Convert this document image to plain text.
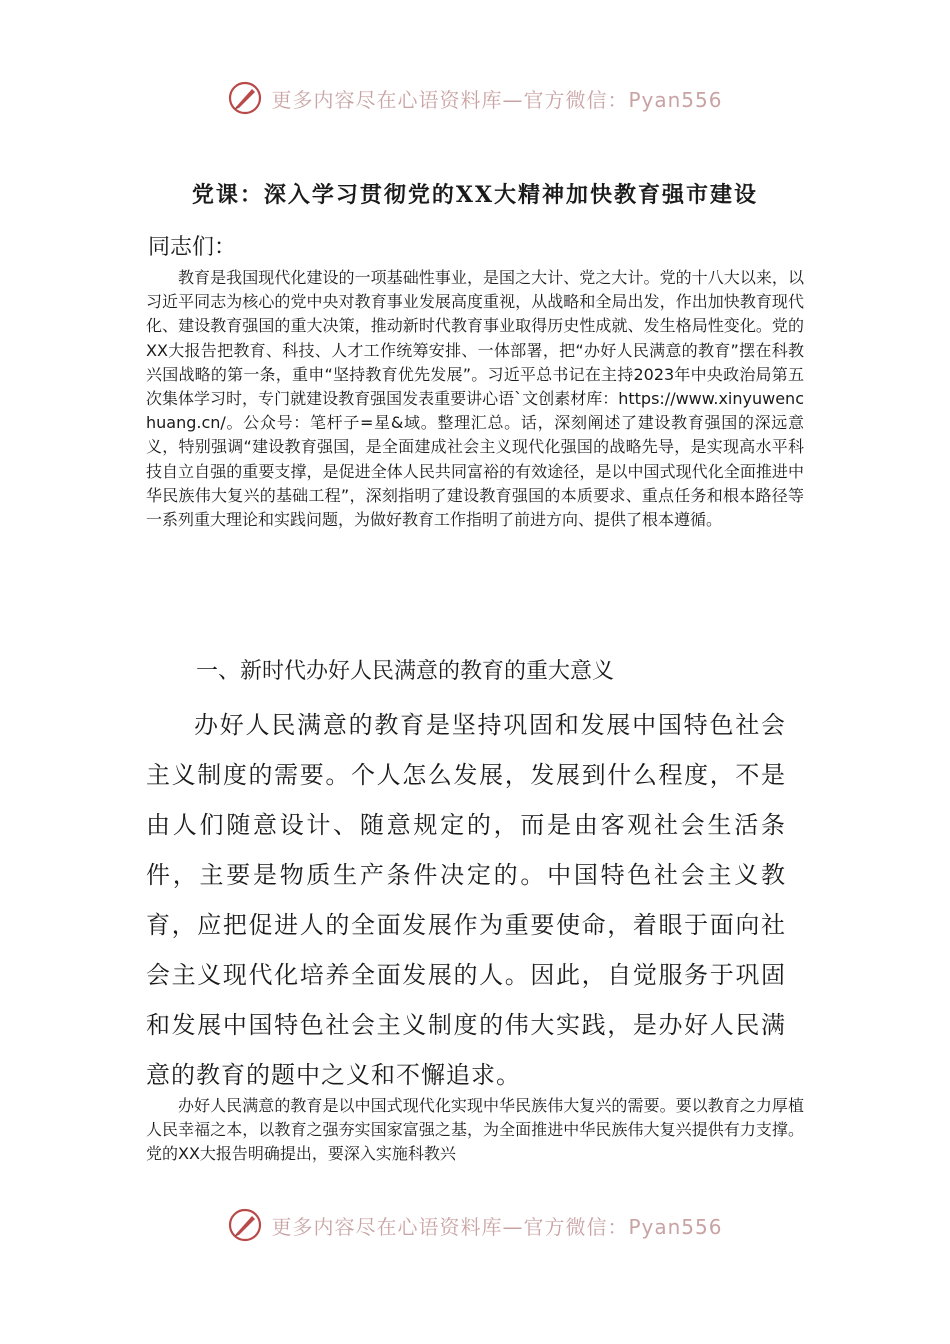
更多内容尽在心语资料库—官方微信：Pyan556
党课：深入学习贯彻党的XX大精神加快教育强市建设
同志们：

教育是我国现代化建设的一项基础性事业，是国之大计、党之大计。党的十八大以来，以习近平同志为核心的党中央对教育事业发展高度重视，从战略和全局出发，作出加快教育现代化、建设教育强国的重大决策，推动新时代教育事业取得历史性成就、发生格局性变化。党的XX大报告把教育、科技、人才工作统筹安排、一体部署，把“办好人民满意的教育”摆在科教兴国战略的第一条，重申“坚持教育优先发展”。习近平总书记在主持2023年中央政治局第五次集体学习时，专门就建设教育强国发表重要讲心语`文创素材库：https://www.xinyuwenchuang.cn/。公众号：笔杆子=星&域。整理汇总。话，深刻阐述了建设教育强国的深远意义，特别强调“建设教育强国，是全面建成社会主义现代化强国的战略先导，是实现高水平科技自立自强的重要支撑，是促进全体人民共同富裕的有效途径，是以中国式现代化全面推进中华民族伟大复兴的基础工程”，深刻指明了建设教育强国的本质要求、重点任务和根本路径等一系列重大理论和实践问题，为做好教育工作指明了前进方向、提供了根本遵循。

一、新时代办好人民满意的教育的重大意义

办好人民满意的教育是坚持巩固和发展中国特色社会主义制度的需要。个人怎么发展，发展到什么程度，不是由人们随意设计、随意规定的，而是由客观社会生活条件，主要是物质生产条件决定的。中国特色社会主义教育，应把促进人的全面发展作为重要使命，着眼于面向社会主义现代化培养全面发展的人。因此，自觉服务于巩固和发展中国特色社会主义制度的伟大实践，是办好人民满意的教育的题中之义和不懈追求。

办好人民满意的教育是以中国式现代化实现中华民族伟大复兴的需要。要以教育之力厚植人民幸福之本，以教育之强夯实国家富强之基，为全面推进中华民族伟大复兴提供有力支撑。党的XX大报告明确提出，要深入实施科教兴

更多内容尽在心语资料库—官方微信：Pyan556
